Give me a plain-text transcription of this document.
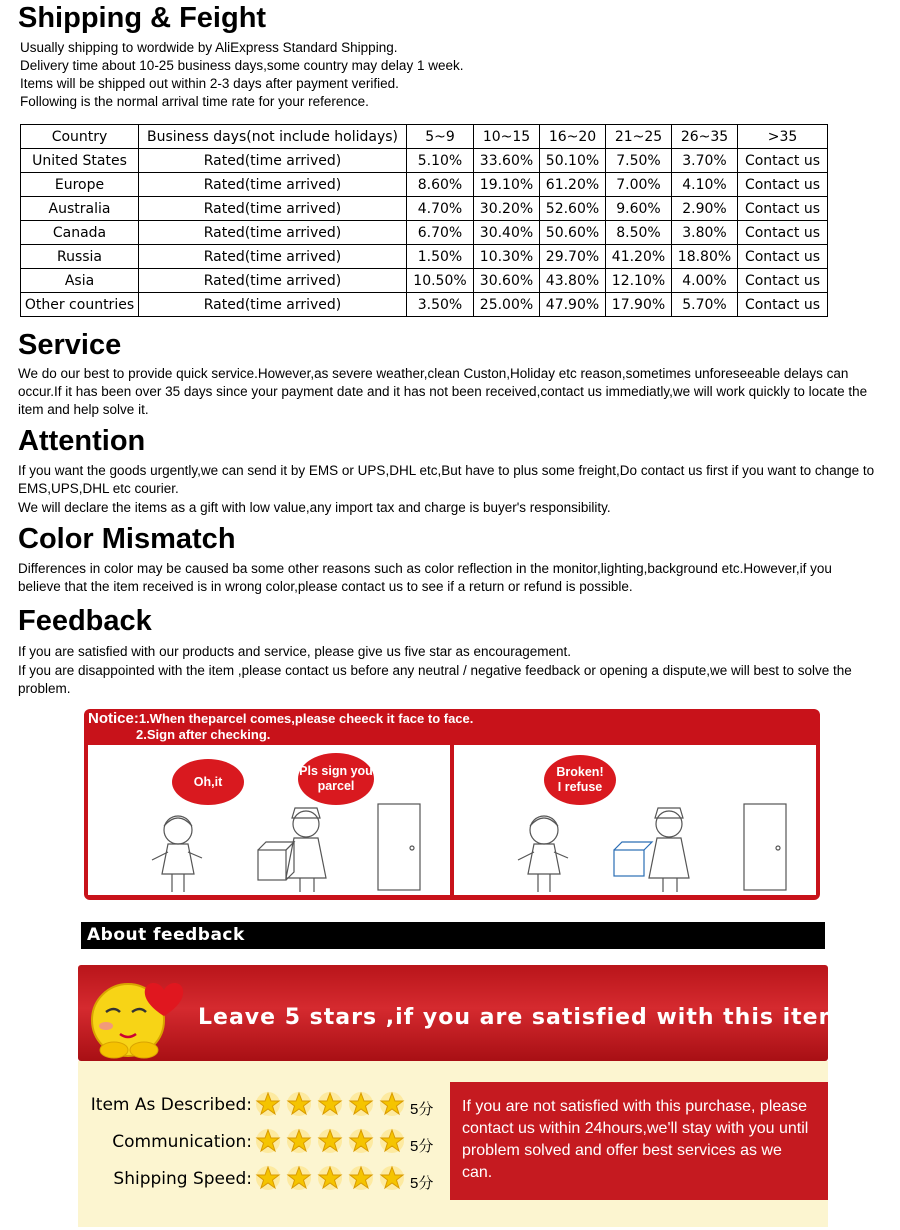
Shipping & Feight
Usually shipping to wordwide by AliExpress Standard Shipping.
Delivery time about 10-25 business days,some country may delay 1 week.
Items will be shipped out within 2-3 days after payment verified.
Following is the normal arrival time rate for your reference.
Country	Business days(not include holidays)	5~9	10~15	16~20	21~25	26~35	>35
United States	Rated(time arrived)	5.10%	33.60%	50.10%	7.50%	3.70%	Contact us
Europe	Rated(time arrived)	8.60%	19.10%	61.20%	7.00%	4.10%	Contact us
Australia	Rated(time arrived)	4.70%	30.20%	52.60%	9.60%	2.90%	Contact us
Canada	Rated(time arrived)	6.70%	30.40%	50.60%	8.50%	3.80%	Contact us
Russia	Rated(time arrived)	1.50%	10.30%	29.70%	41.20%	18.80%	Contact us
Asia	Rated(time arrived)	10.50%	30.60%	43.80%	12.10%	4.00%	Contact us
Other countries	Rated(time arrived)	3.50%	25.00%	47.90%	17.90%	5.70%	Contact us
Service
We do our best to provide quick service.However,as severe weather,clean Custon,Holiday etc reason,sometimes unforeseeable delays can occur.If it has been over 35 days since your payment date and it has not been received,contact us immediatly,we will work quickly to locate the item and help solve it.
Attention
If you want the goods urgently,we can send it by EMS or UPS,DHL etc,But have to plus some freight,Do contact us first if you want to change to EMS,UPS,DHL etc courier.
We will declare the items as a gift with low value,any import tax and charge is buyer's responsibility.
Color Mismatch
Differences in color may be caused ba some other reasons such as color reflection in the monitor,lighting,background etc.However,if you believe that the item received is in wrong color,please contact us to see if a return or refund is possible.
Feedback
If you are satisfied with our products and service, please give us five star as encouragement.
If you are disappointed with the item ,please contact us before any neutral / negative feedback or opening a dispute,we will best to solve the problem.
Notice:1.When theparcel comes,please cheeck it face to face.
2.Sign after checking.
Oh,it comes.
Pls sign you
parcel
Broken!
I refuse
About feedback
Leave 5 stars ,if you are satisfied with this items
Item As Described:
Communication:
Shipping Speed:
5分
5分
5分
If you are not satisfied with this purchase, please contact us within 24hours,we'll stay with you until problem solved and offer best services as we can.
